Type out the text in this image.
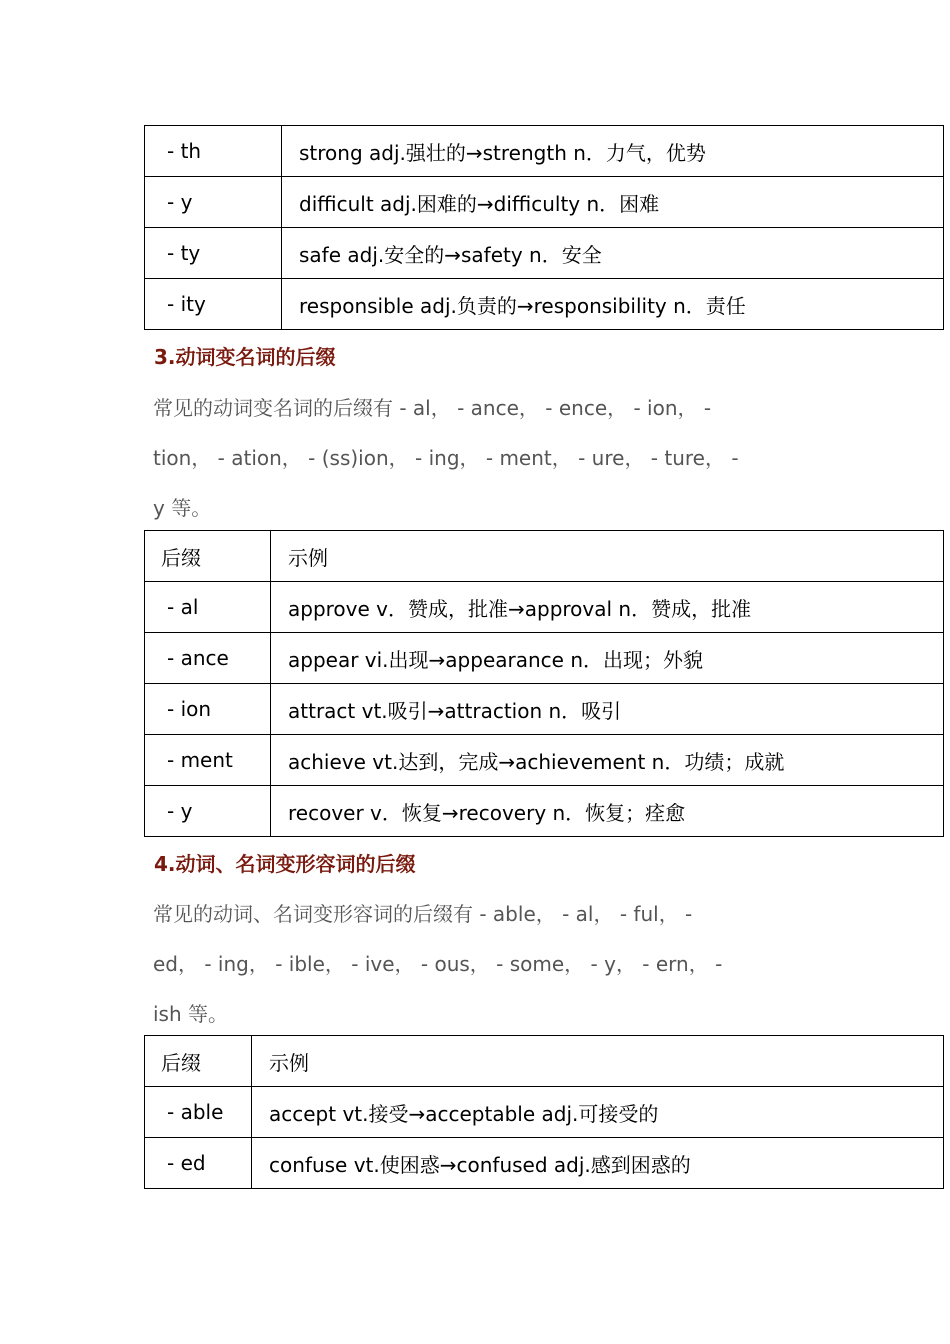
- th	strong adj.强壮的→strength n．力气，优势
- y	difficult adj.困难的→difficulty n．困难
- ty	safe adj.安全的→safety n．安全
- ity	responsible adj.负责的→responsibility n．责任
3.动词变名词的后缀

常见的动词变名词的后缀有 - al， - ance， - ence， - ion， -

tion， - ation， - (ss)ion， - ing， - ment， - ure， - ture， -

y 等。

后缀	示例
- al	approve v．赞成，批准→approval n．赞成，批准
- ance	appear vi.出现→appearance n．出现；外貌
- ion	attract vt.吸引→attraction n．吸引
- ment	achieve vt.达到，完成→achievement n．功绩；成就
- y	recover v．恢复→recovery n．恢复；痊愈
4.动词、名词变形容词的后缀

常见的动词、名词变形容词的后缀有 - able， - al， - ful， -

ed， - ing， - ible， - ive， - ous， - some， - y， - ern， -

ish 等。

后缀	示例
- able	accept vt.接受→acceptable adj.可接受的
- ed	confuse vt.使困惑→confused adj.感到困惑的
